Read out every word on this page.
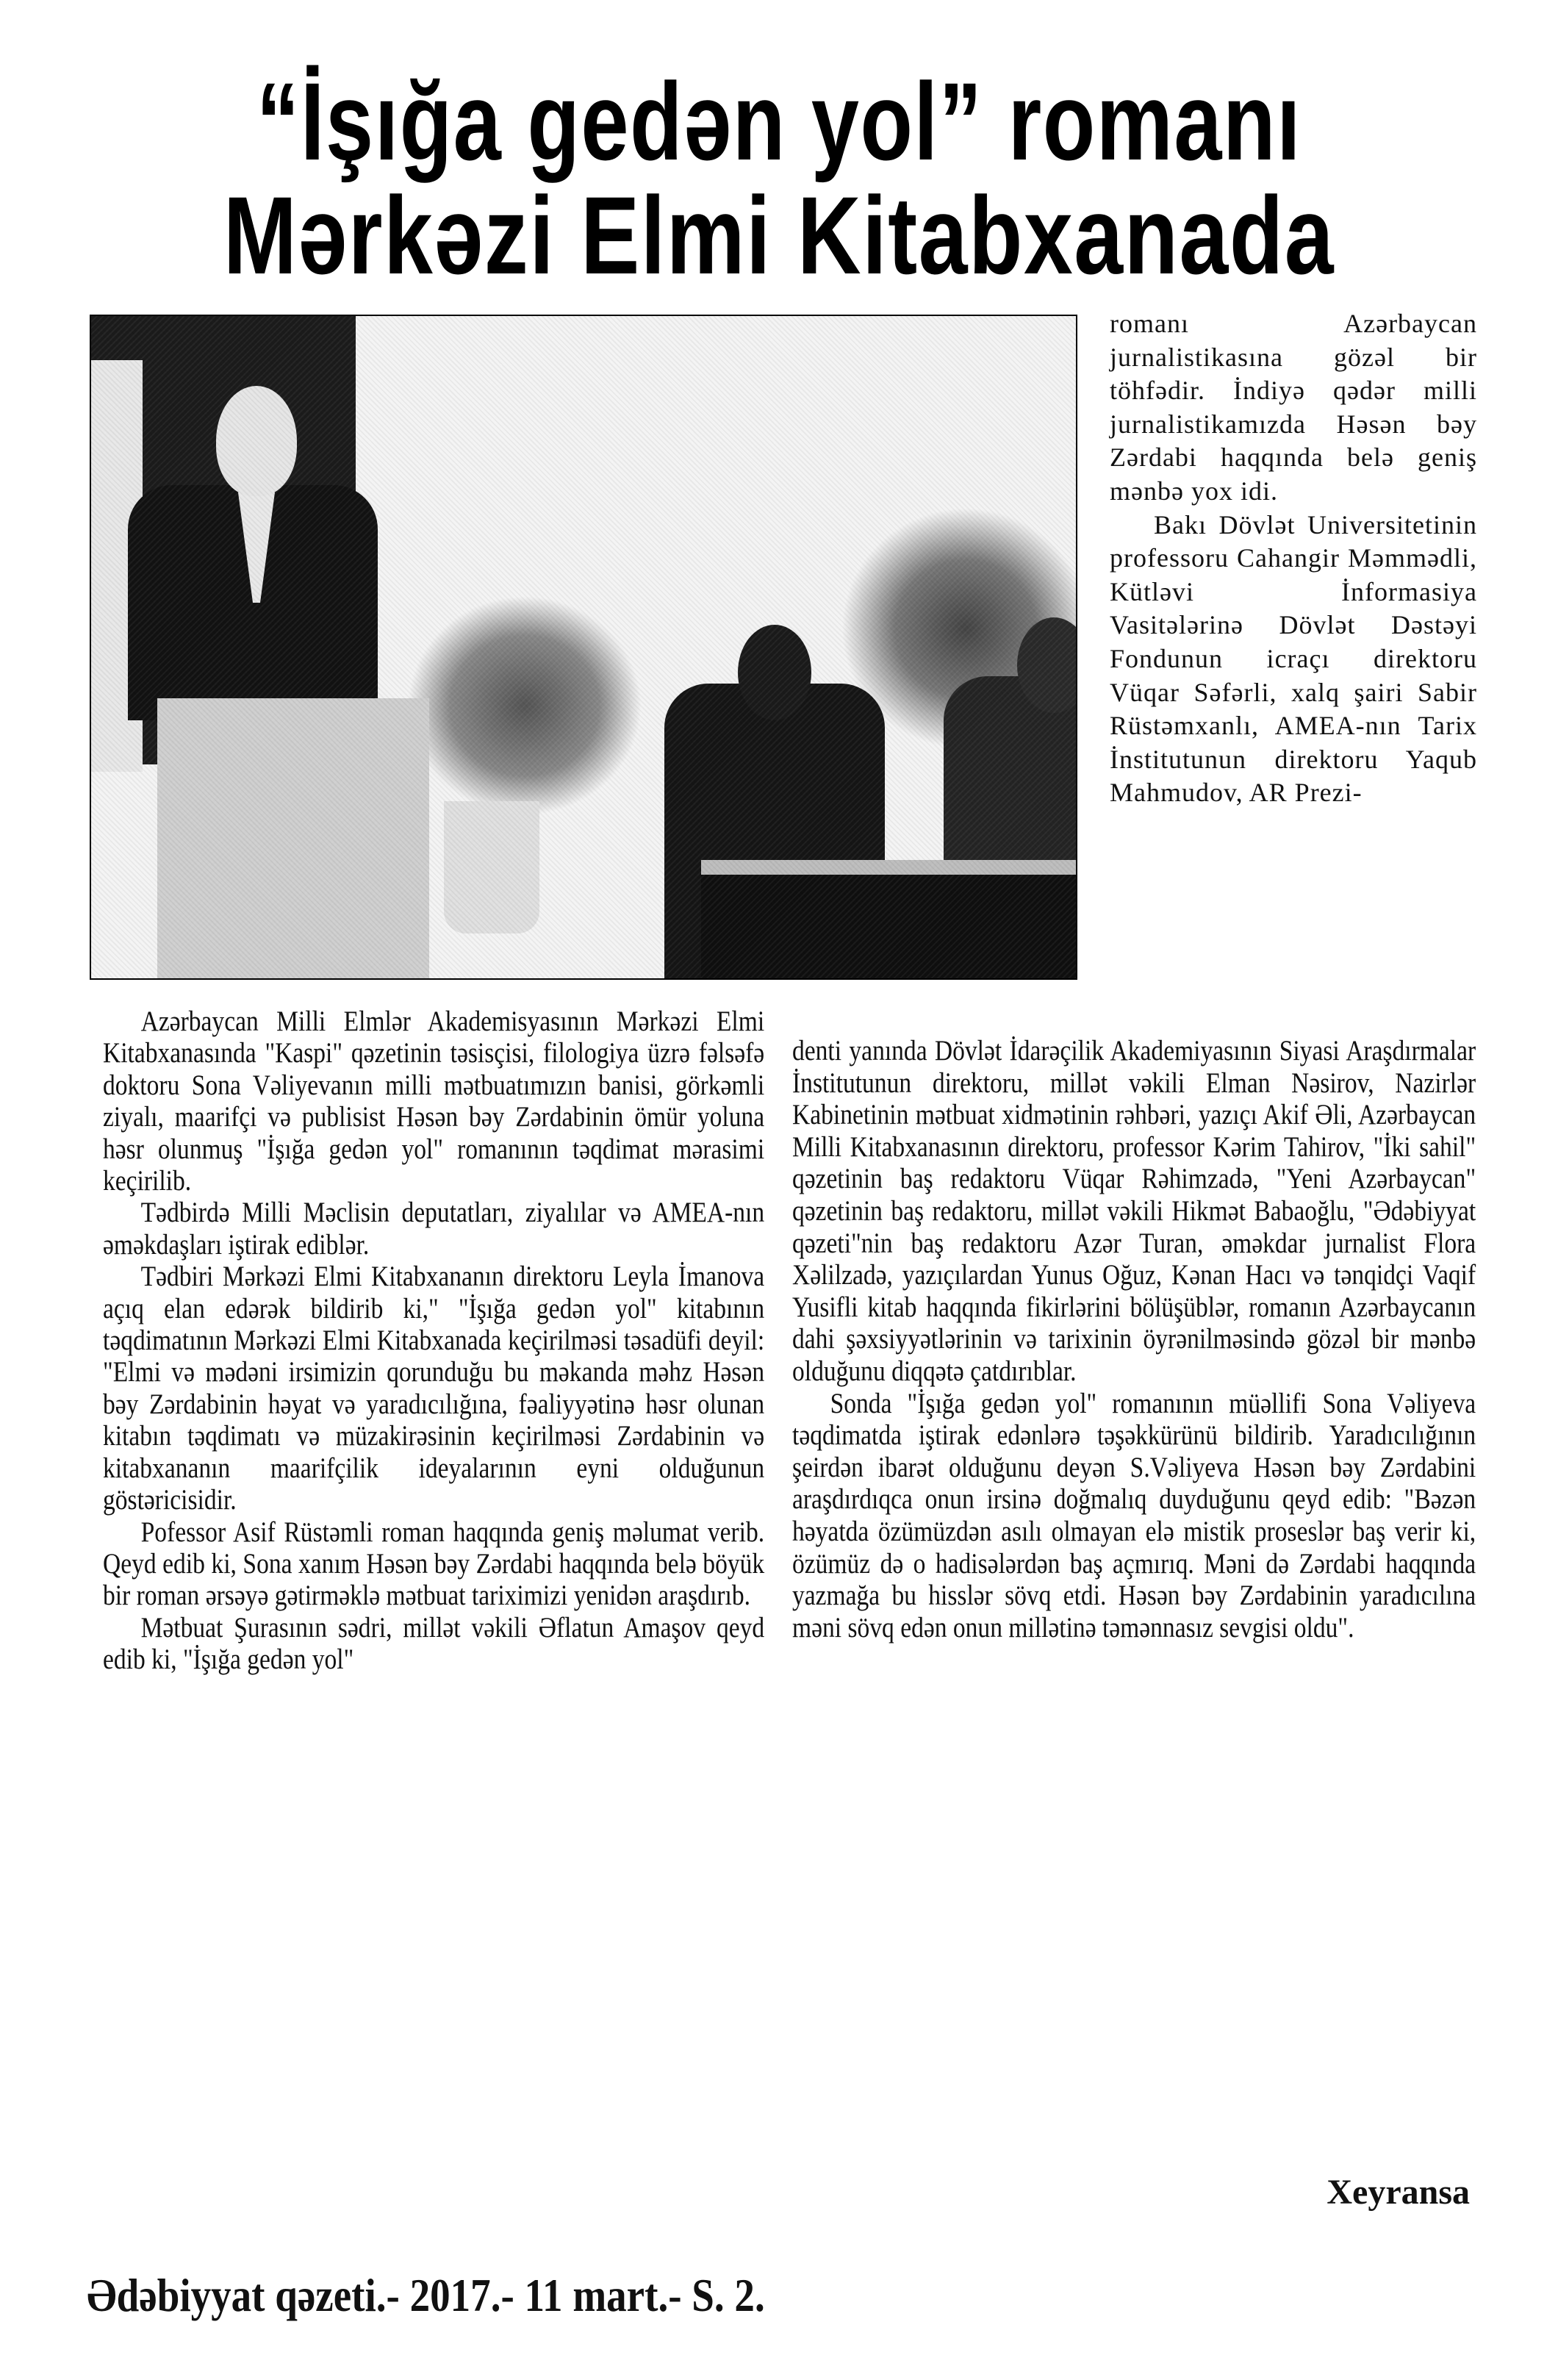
“İşığa gedən yol” romanı
Mərkəzi Elmi Kitabxanada

romanı Azərbaycan jurnalistikasına gözəl bir töhfədir. İndiyə qədər milli jurnalistikamızda Həsən bəy Zərdabi haqqında belə geniş mənbə yox idi.

Bakı Dövlət Universitetinin professoru Cahangir Məmmədli, Kütləvi İnformasiya Vasitələrinə Dövlət Dəstəyi Fondunun icraçı direktoru Vüqar Səfərli, xalq şairi Sabir Rüstəmxanlı, AMEA-nın Tarix İnstitutunun direktoru Yaqub Mahmudov, AR Prezi-

Azərbaycan Milli Elmlər Akademisyasının Mərkəzi Elmi Kitabxanasında "Kaspi" qəzetinin təsisçisi, filologiya üzrə fəlsəfə doktoru Sona Vəliyevanın milli mətbuatımızın banisi, görkəmli ziyalı, maarifçi və publisist Həsən bəy Zərdabinin ömür yoluna həsr olunmuş "İşığa gedən yol" romanının təqdimat mərasimi keçirilib.

Tədbirdə Milli Məclisin deputatları, ziyalılar və AMEA-nın əməkdaşları iştirak ediblər.

Tədbiri Mərkəzi Elmi Kitabxananın direktoru Leyla İmanova açıq elan edərək bildirib ki," "İşığa gedən yol" kitabının təqdimatının Mərkəzi Elmi Kitabxanada keçirilməsi təsadüfi deyil: "Elmi və mədəni irsimizin qorunduğu bu məkanda məhz Həsən bəy Zərdabinin həyat və yaradıcılığına, fəaliyyətinə həsr olunan kitabın təqdimatı və müzakirəsinin keçirilməsi Zərdabinin və kitabxananın maarifçilik ideyalarının eyni olduğunun göstəricisidir.

Pofessor Asif Rüstəmli roman haqqında geniş məlumat verib. Qeyd edib ki, Sona xanım Həsən bəy Zərdabi haqqında belə böyük bir roman ərsəyə gətirməklə mətbuat tariximizi yenidən araşdırıb.

Mətbuat Şurasının sədri, millət vəkili Əflatun Amaşov qeyd edib ki, "İşığa gedən yol"

denti yanında Dövlət İdarəçilik Akademiyasının Siyasi Araşdırmalar İnstitutunun direktoru, millət vəkili Elman Nəsirov, Nazirlər Kabinetinin mətbuat xidmətinin rəhbəri, yazıçı Akif Əli, Azərbaycan Milli Kitabxanasının direktoru, professor Kərim Tahirov, "İki sahil" qəzetinin baş redaktoru Vüqar Rəhimzadə, "Yeni Azərbaycan" qəzetinin baş redaktoru, millət vəkili Hikmət Babaoğlu, "Ədəbiyyat qəzeti"nin baş redaktoru Azər Turan, əməkdar jurnalist Flora Xəlilzadə, yazıçılardan Yunus Oğuz, Kənan Hacı və tənqidçi Vaqif Yusifli kitab haqqında fikirlərini bölüşüblər, romanın Azərbaycanın dahi şəxsiyyətlərinin və tarixinin öyrənilməsində gözəl bir mənbə olduğunu diqqətə çatdırıblar.

Sonda "İşığa gedən yol" romanının müəllifi Sona Vəliyeva təqdimatda iştirak edənlərə təşəkkürünü bildirib. Yaradıcılığının şeirdən ibarət olduğunu deyən S.Vəliyeva Həsən bəy Zərdabini araşdırdıqca onun irsinə doğmalıq duyduğunu qeyd edib: "Bəzən həyatda özümüzdən asılı olmayan elə mistik proseslər baş verir ki, özümüz də o hadisələrdən baş açmırıq. Məni də Zərdabi haqqında yazmağa bu hisslər sövq etdi. Həsən bəy Zərdabinin yaradıcılına məni sövq edən onun millətinə təmənnasız sevgisi oldu".

Xeyransa
Ədəbiyyat qəzeti.- 2017.- 11 mart.- S. 2.
